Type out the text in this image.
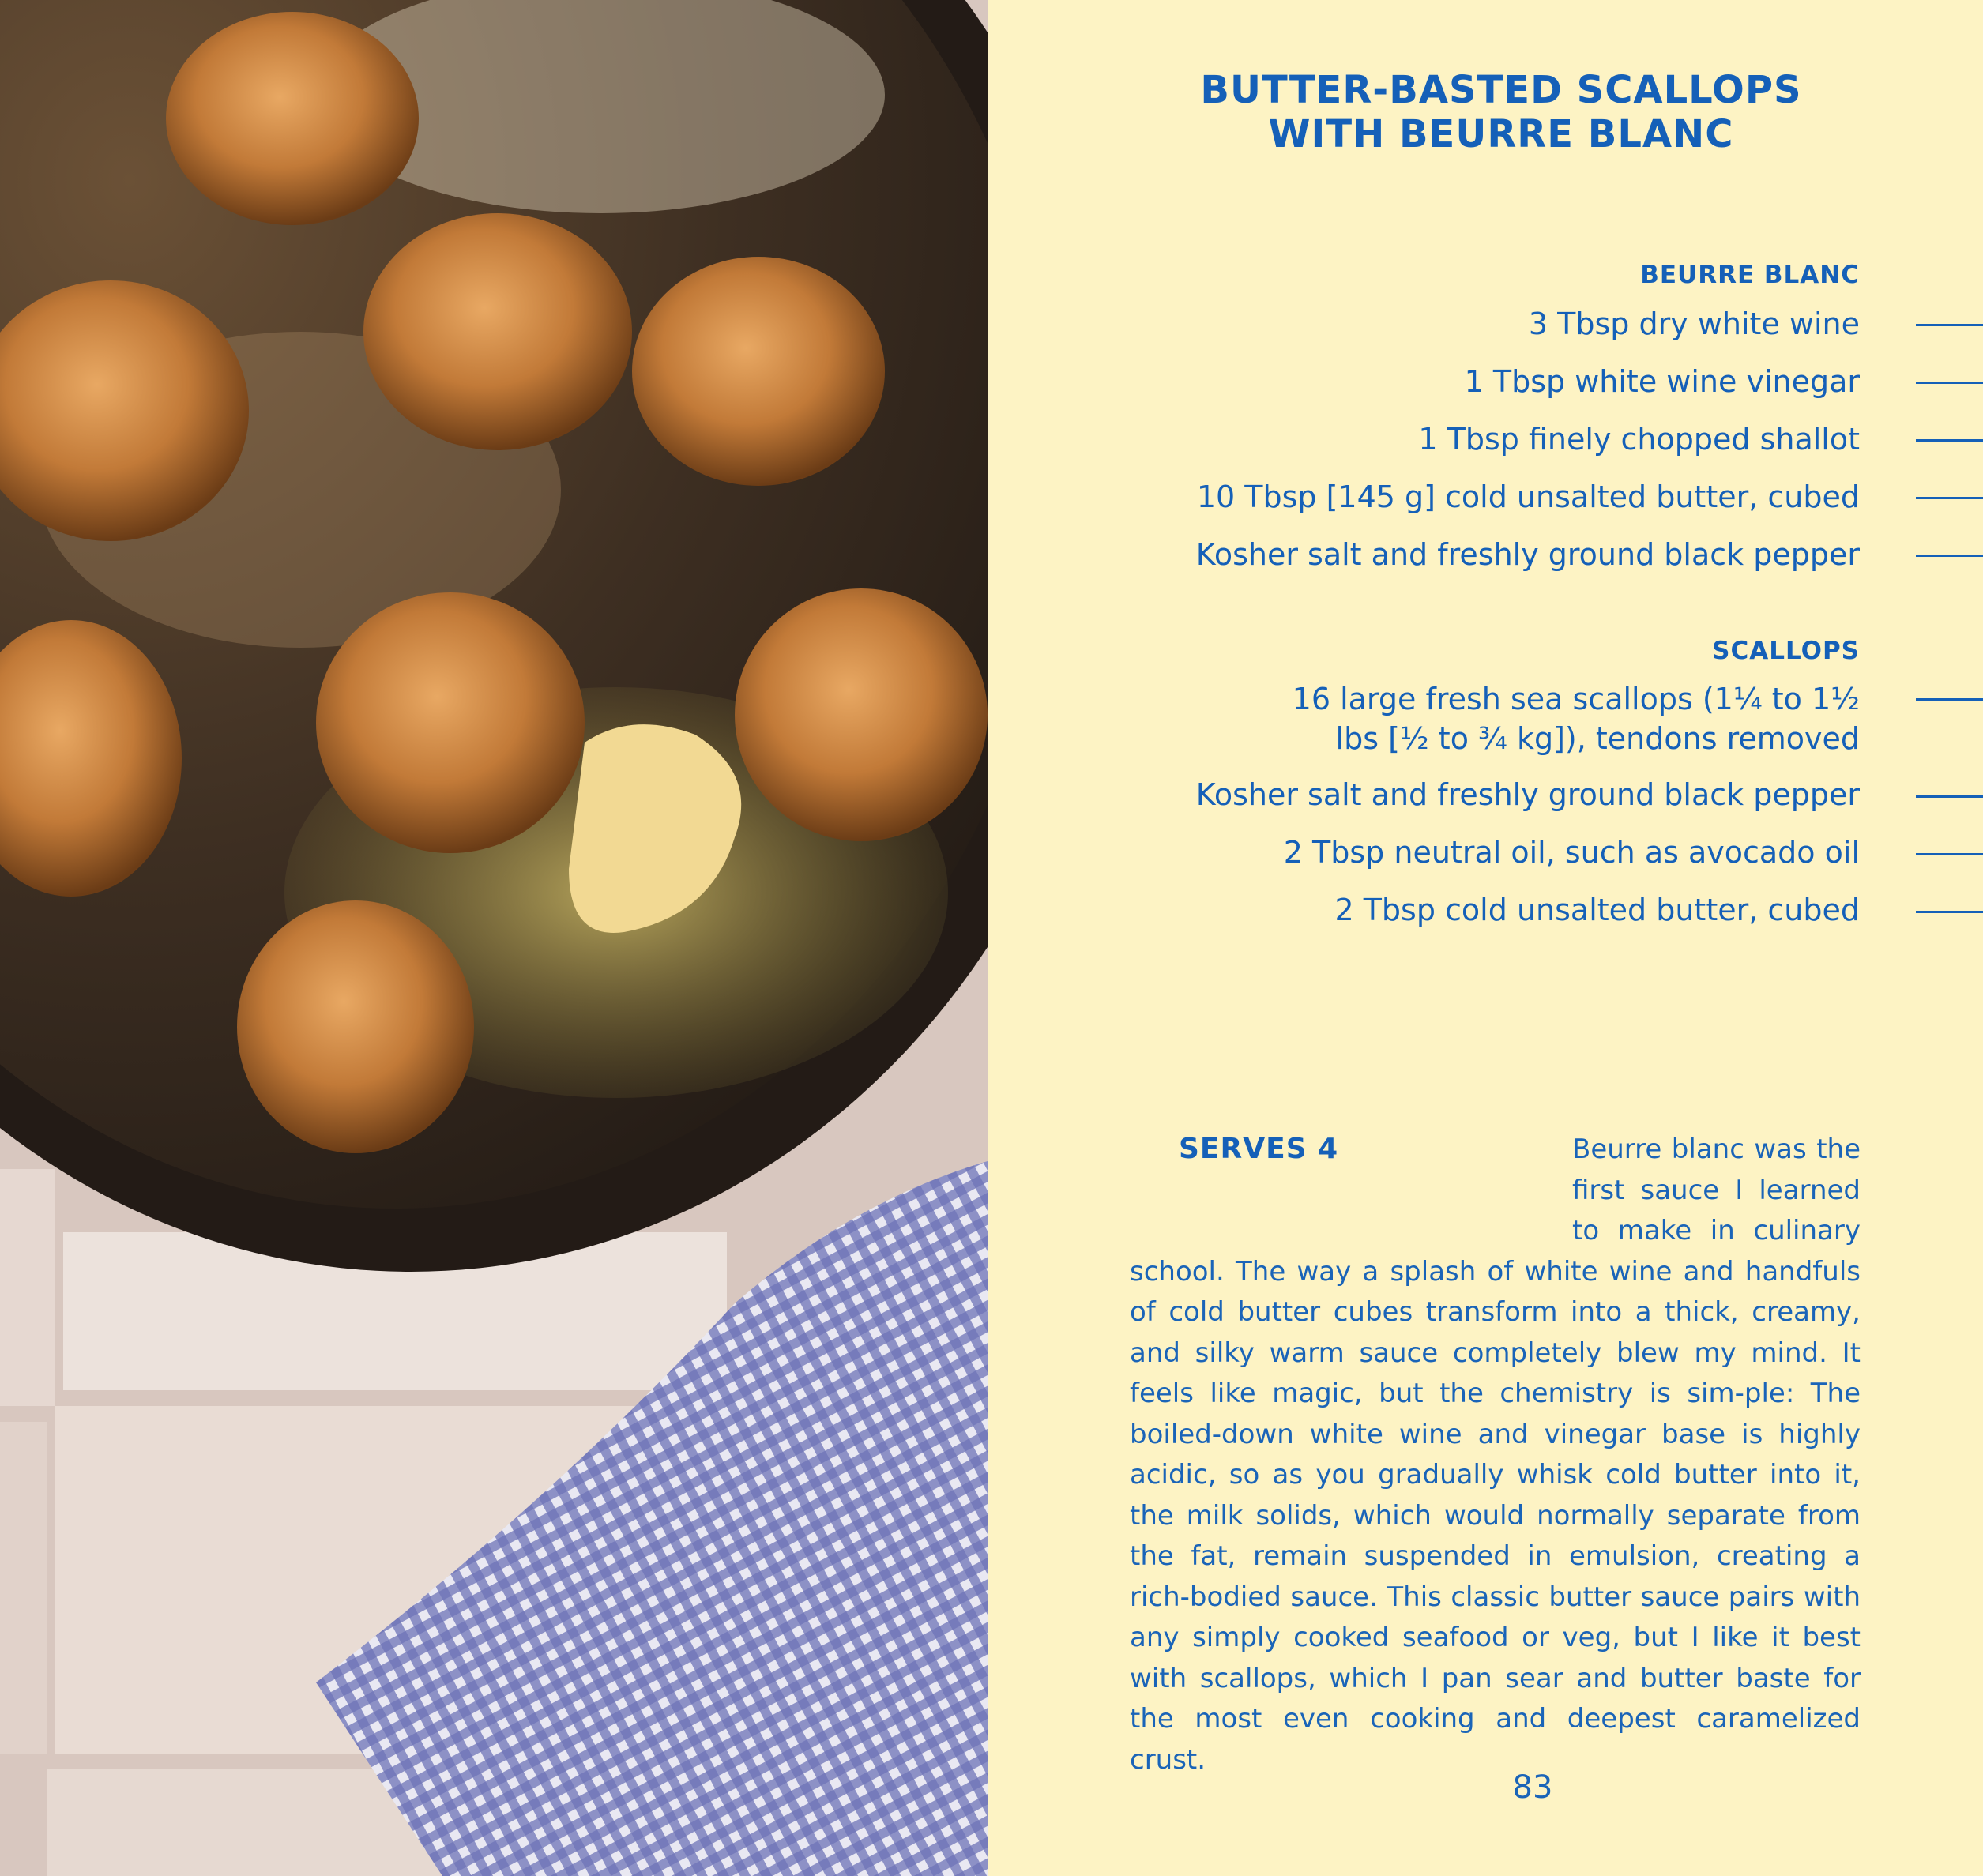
BUTTER-BASTED SCALLOPS
WITH BEURRE BLANC
BEURRE BLANC
3 Tbsp dry white wine
1 Tbsp white wine vinegar
1 Tbsp finely chopped shallot
10 Tbsp [145 g] cold unsalted butter, cubed
Kosher salt and freshly ground black pepper
SCALLOPS
16 large fresh sea scallops (1¼ to 1½ lbs [½ to ¾ kg]), tendons removed
Kosher salt and freshly ground black pepper
2 Tbsp neutral oil, such as avocado oil
2 Tbsp cold unsalted butter, cubed
SERVES 4	Beurre blanc was the first sauce I learned to make in culinary school. The way a splash of white wine and handfuls of cold butter cubes transform into a thick, creamy, and silky warm sauce completely blew my mind. It feels like magic, but the chemistry is sim-ple: The boiled-down white wine and vinegar base is highly acidic, so as you gradually whisk cold butter into it, the milk solids, which would normally separate from the fat, remain suspended in emulsion, creating a rich-bodied sauce. This classic butter sauce pairs with any simply cooked seafood or veg, but I like it best with scallops, which I pan sear and butter baste for the most even cooking and deepest caramelized crust.

83
